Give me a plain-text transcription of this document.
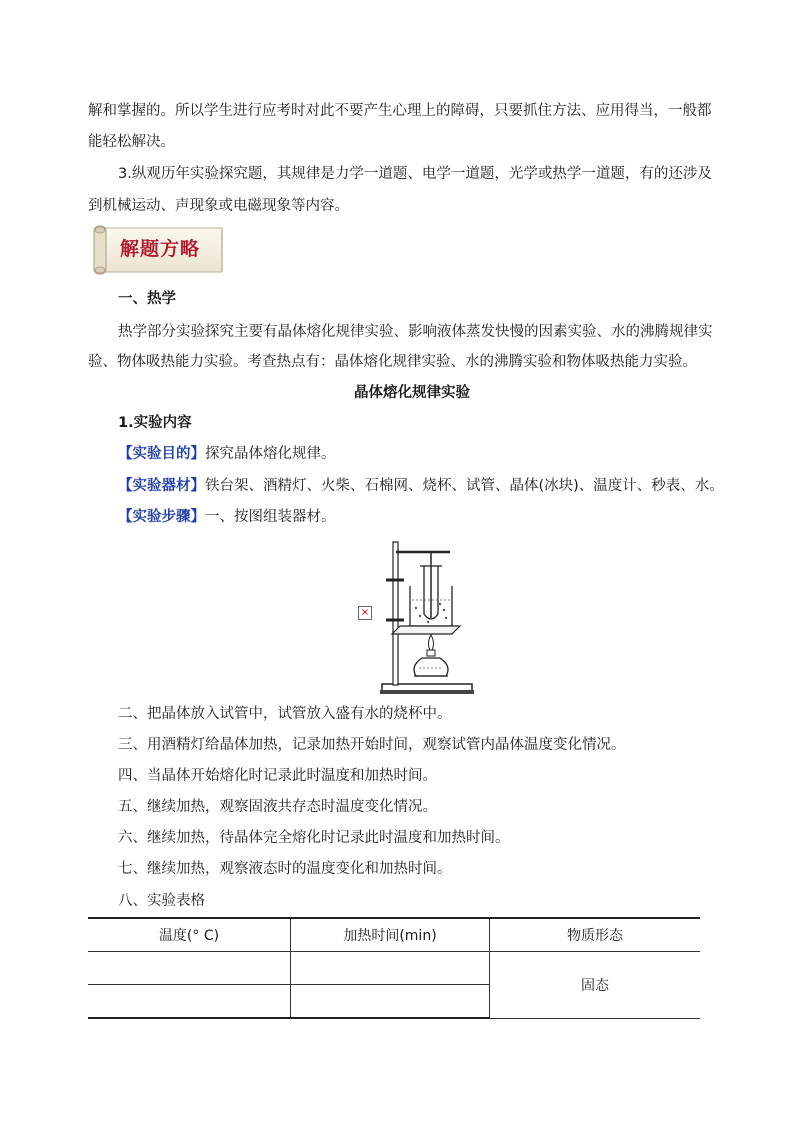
解和掌握的。所以学生进行应考时对此不要产生心理上的障碍，只要抓住方法、应用得当，一般都
能轻松解决。
3.纵观历年实验探究题，其规律是力学一道题、电学一道题，光学或热学一道题，有的还涉及
到机械运动、声现象或电磁现象等内容。
解题方略
一、热学
热学部分实验探究主要有晶体熔化规律实验、影响液体蒸发快慢的因素实验、水的沸腾规律实
验、物体吸热能力实验。考查热点有：晶体熔化规律实验、水的沸腾实验和物体吸热能力实验。
晶体熔化规律实验
1.实验内容
【实验目的】探究晶体熔化规律。
【实验器材】铁台架、酒精灯、火柴、石棉网、烧杯、试管、晶体(冰块)、温度计、秒表、水。
【实验步骤】一、按图组装器材。
×
二、把晶体放入试管中，试管放入盛有水的烧杯中。
三、用酒精灯给晶体加热，记录加热开始时间，观察试管内晶体温度变化情况。
四、当晶体开始熔化时记录此时温度和加热时间。
五、继续加热，观察固液共存态时温度变化情况。
六、继续加热，待晶体完全熔化时记录此时温度和加热时间。
七、继续加热，观察液态时的温度变化和加热时间。
八、实验表格
温度(° C)	加热时间(min)	物质形态
		固态
